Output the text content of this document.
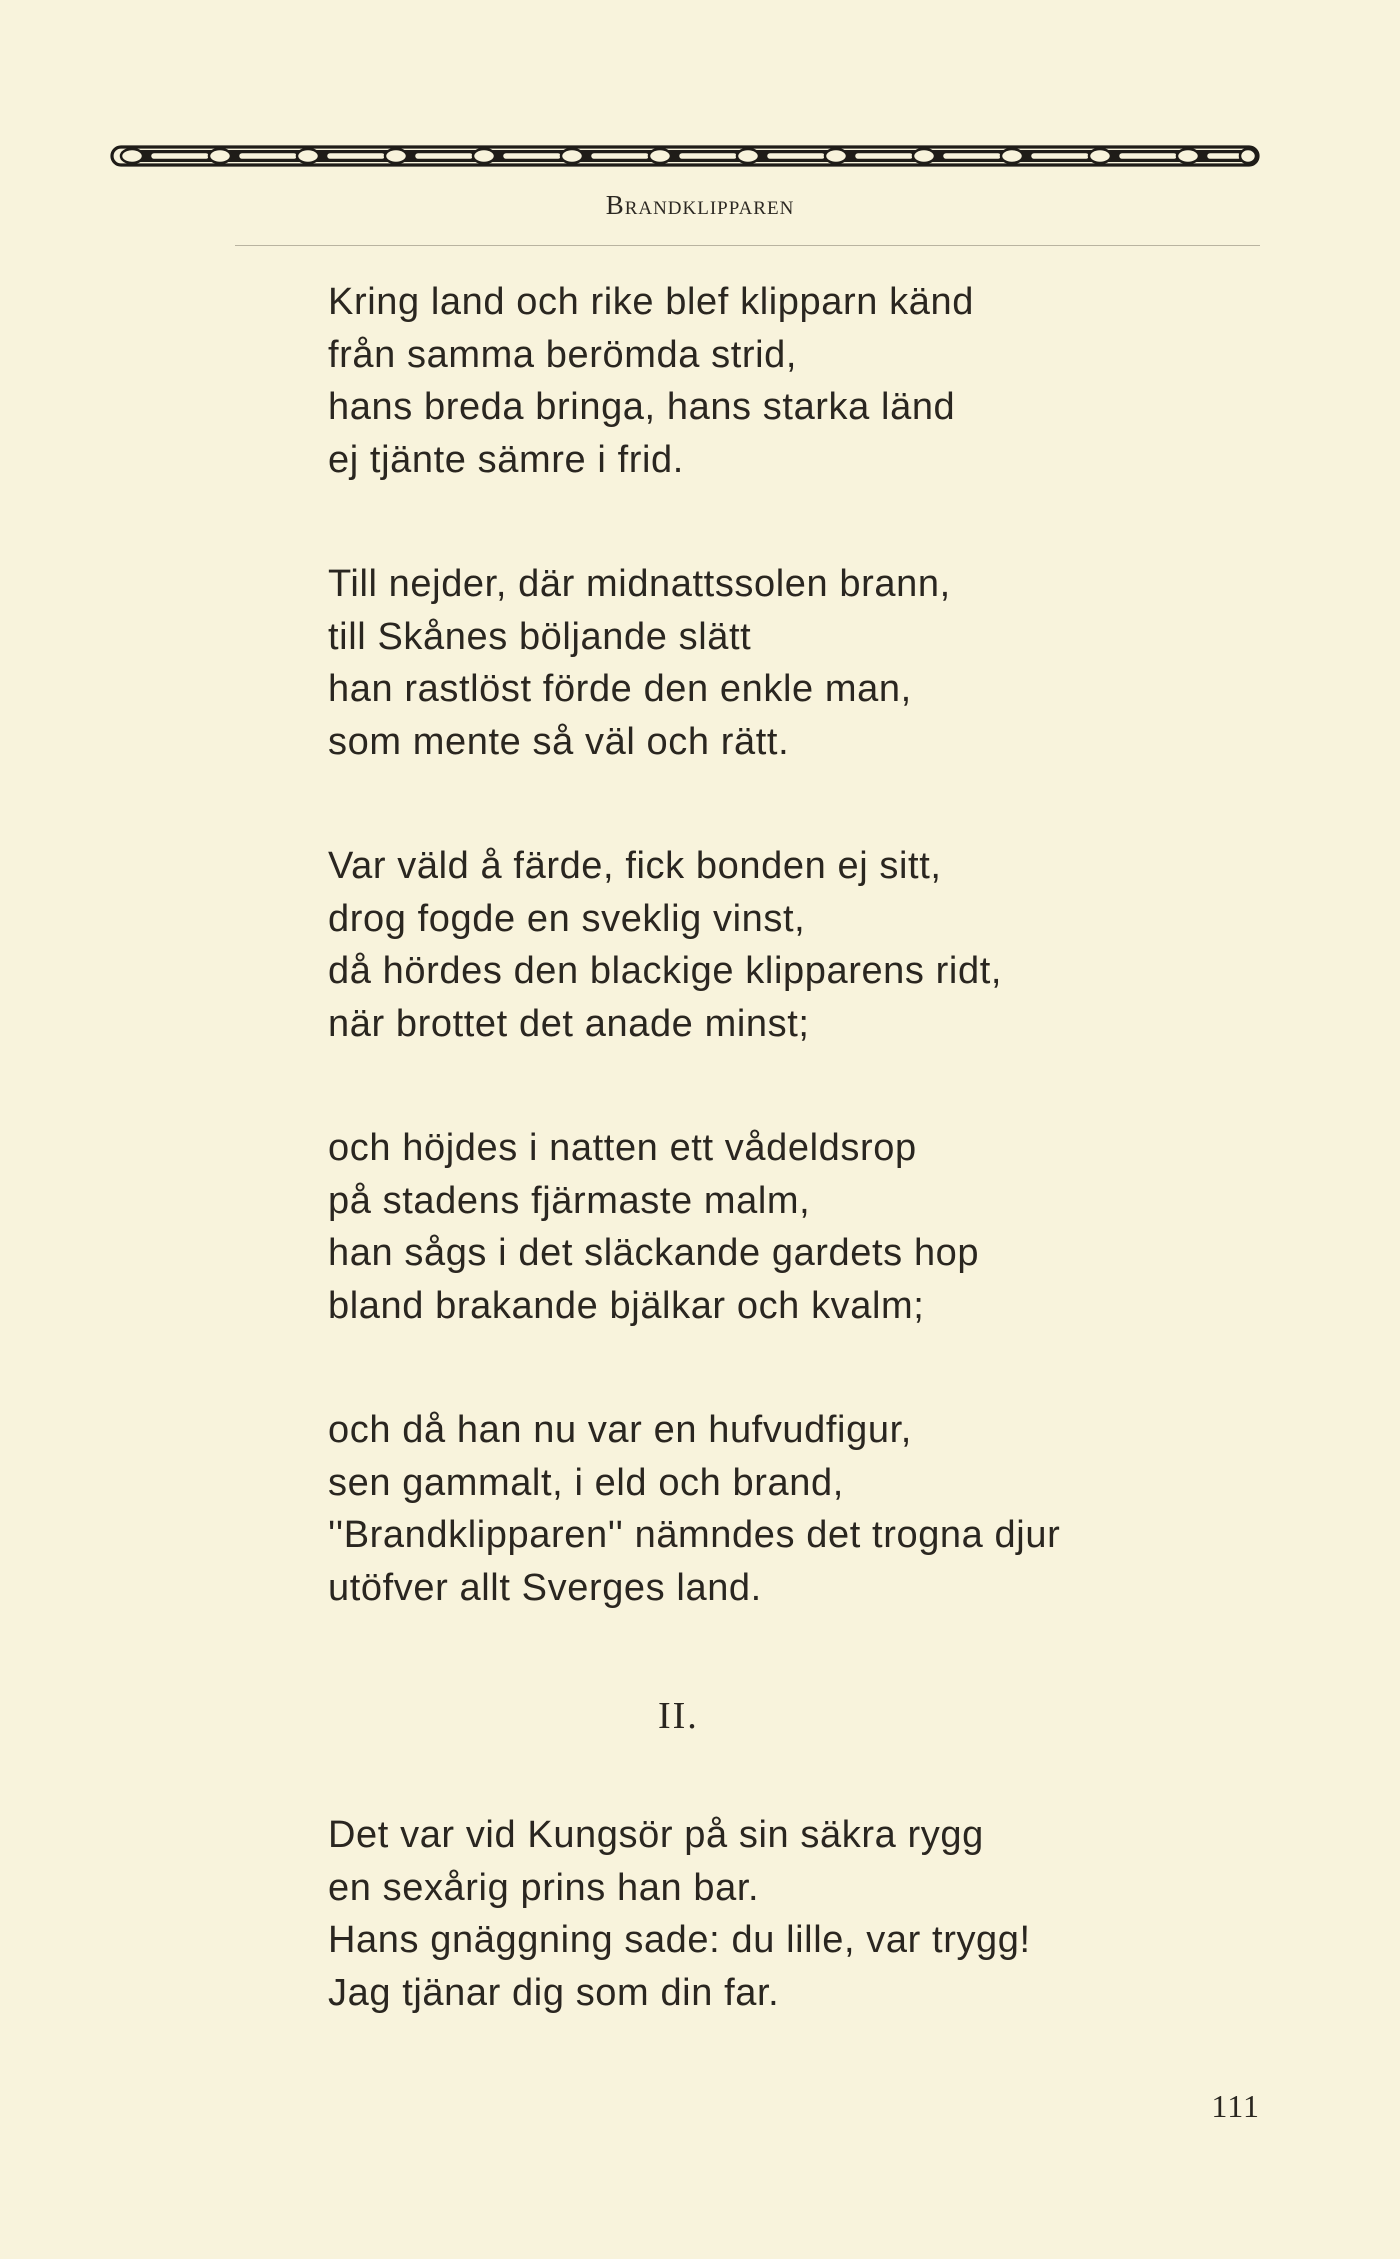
Brandklipparen
Kring land och rike blef klipparn känd
från samma berömda strid,
hans breda bringa, hans starka länd
ej tjänte sämre i frid.
Till nejder, där midnattssolen brann,
till Skånes böljande slätt
han rastlöst förde den enkle man,
som mente så väl och rätt.
Var väld å färde, fick bonden ej sitt,
drog fogde en sveklig vinst,
då hördes den blackige klipparens ridt,
när brottet det anade minst;
och höjdes i natten ett vådeldsrop
på stadens fjärmaste malm,
han sågs i det släckande gardets hop
bland brakande bjälkar och kvalm;
och då han nu var en hufvudfigur,
sen gammalt, i eld och brand,
''Brandklipparen'' nämndes det trogna djur
utöfver allt Sverges land.
II.
Det var vid Kungsör på sin säkra rygg
en sexårig prins han bar.
Hans gnäggning sade: du lille, var trygg!
Jag tjänar dig som din far.
111
